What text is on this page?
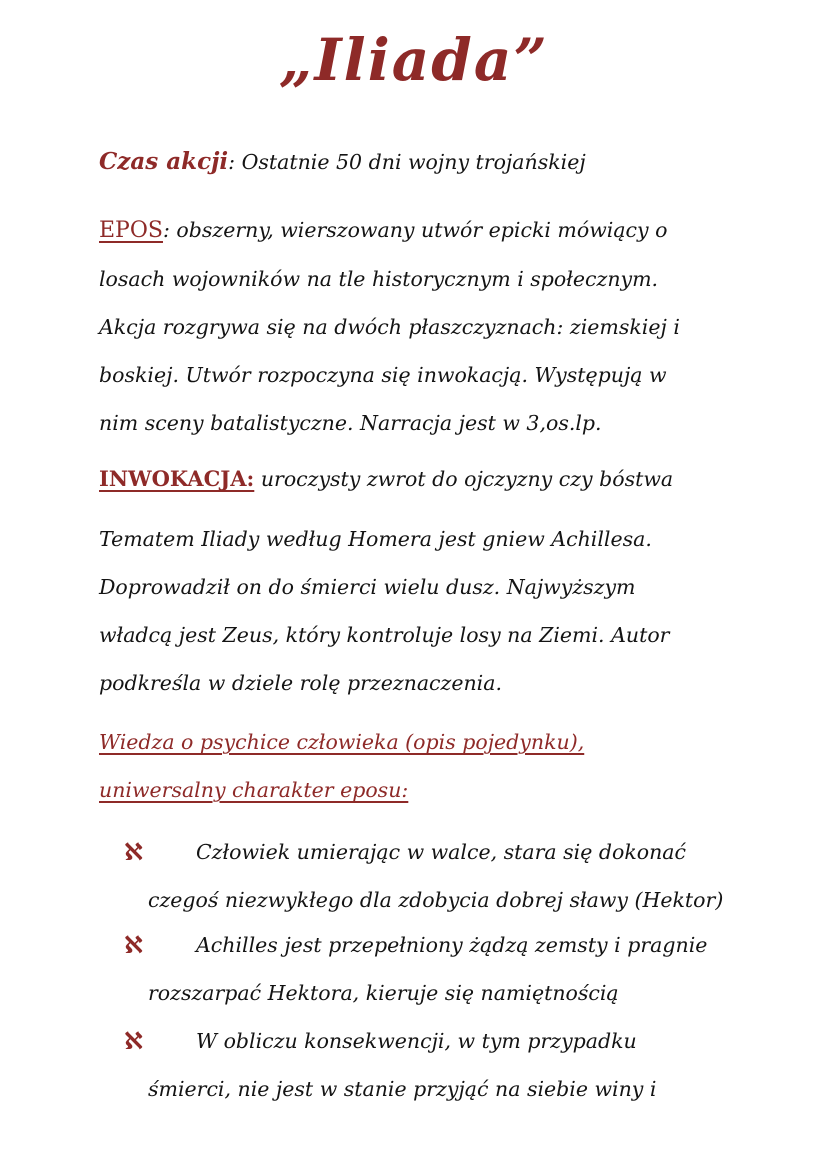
„Iliada”
Czas akcji: Ostatnie 50 dni wojny trojańskiej
EPOS: obszerny, wierszowany utwór epicki mówiący o
losach wojowników na tle historycznym i społecznym.
Akcja rozgrywa się na dwóch płaszczyznach: ziemskiej i
boskiej. Utwór rozpoczyna się inwokacją. Występują w
nim sceny batalistyczne. Narracja jest w 3,os.lp.
INWOKACJA: uroczysty zwrot do ojczyzny czy bóstwa
Tematem Iliady według Homera jest gniew Achillesa.
Doprowadził on do śmierci wielu dusz. Najwyższym
władcą jest Zeus, który kontroluje losy na Ziemi. Autor
podkreśla w dziele rolę przeznaczenia.
Wiedza o psychice człowieka (opis pojedynku),
uniwersalny charakter eposu:
ℵ	Człowiek umierając w walce, stara się dokonać
czegoś niezwykłego dla zdobycia dobrej sławy (Hektor)
ℵ	Achilles jest przepełniony żądzą zemsty i pragnie
rozszarpać Hektora, kieruje się namiętnością
ℵ	W obliczu konsekwencji, w tym przypadku
śmierci, nie jest w stanie przyjąć na siebie winy i
